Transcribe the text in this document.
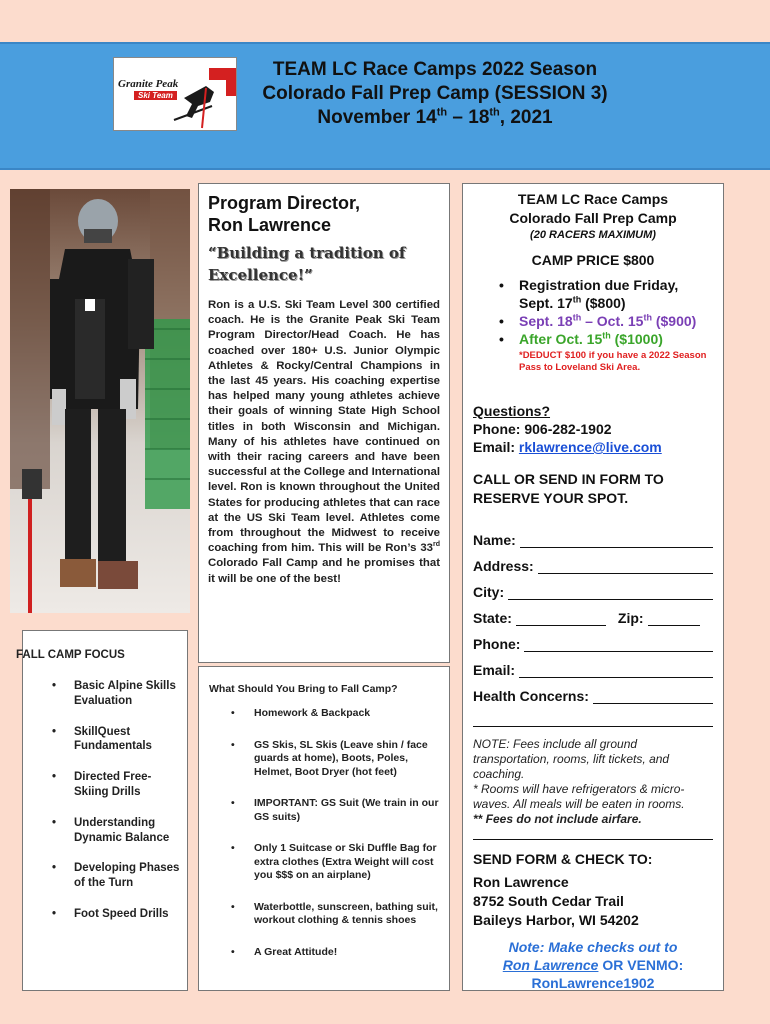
Granite Peak
Ski Team
TEAM LC Race Camps 2022 Season
Colorado Fall Prep Camp (SESSION 3)
November 14th – 18th, 2021
Program Director,
Ron Lawrence
“Building a tradition of Excellence!”
Ron is a U.S. Ski Team Level 300 certified coach. He is the Granite Peak Ski Team Program Director/Head Coach. He has coached over 180+ U.S. Junior Olympic Athletes & Rocky/Central Champions in the last 45 years. His coaching expertise has helped many young athletes achieve their goals of winning State High School titles in both Wisconsin and Michigan. Many of his athletes have continued on with their racing careers and have been successful at the College and International level. Ron is known throughout the United States for producing athletes that can race at the US Ski Team level. Athletes come from throughout the Midwest to receive coaching from him. This will be Ron’s 33rd Colorado Fall Camp and he promises that it will be one of the best!
What Should You Bring to Fall Camp?
• Homework & Backpack
• GS Skis, SL Skis (Leave shin / face guards at home), Boots, Poles, Helmet, Boot Dryer (hot feet)
• IMPORTANT: GS Suit (We train in our GS suits)
• Only 1 Suitcase or Ski Duffle Bag for extra clothes (Extra Weight will cost you $$$ on an airplane)
• Waterbottle, sunscreen, bathing suit, workout clothing & tennis shoes
• A Great Attitude!
FALL CAMP FOCUS
• Basic Alpine Skills Evaluation
• SkillQuest Fundamentals
• Directed Free-Skiing Drills
• Understanding Dynamic Balance
• Developing Phases of the Turn
• Foot Speed Drills
TEAM LC Race Camps
Colorado Fall Prep Camp
(20 RACERS MAXIMUM)
CAMP PRICE $800
• Registration due Friday, Sept. 17th ($800)
• Sept. 18th – Oct. 15th ($900)
• After Oct. 15th ($1000)
*DEDUCT $100 if you have a 2022 Season Pass to Loveland Ski Area.
Questions?
Phone: 906-282-1902
Email: rklawrence@live.com
CALL OR SEND IN FORM TO RESERVE YOUR SPOT.
Name:
Address:
City:
State:	Zip:
Phone:
Email:
Health Concerns:
NOTE: Fees include all ground transportation, rooms, lift tickets, and coaching.
* Rooms will have refrigerators & micro-waves. All meals will be eaten in rooms.
** Fees do not include airfare.
SEND FORM & CHECK TO:
Ron Lawrence
8752 South Cedar Trail
Baileys Harbor, WI 54202
Note: Make checks out to
Ron Lawrence OR VENMO:
RonLawrence1902
